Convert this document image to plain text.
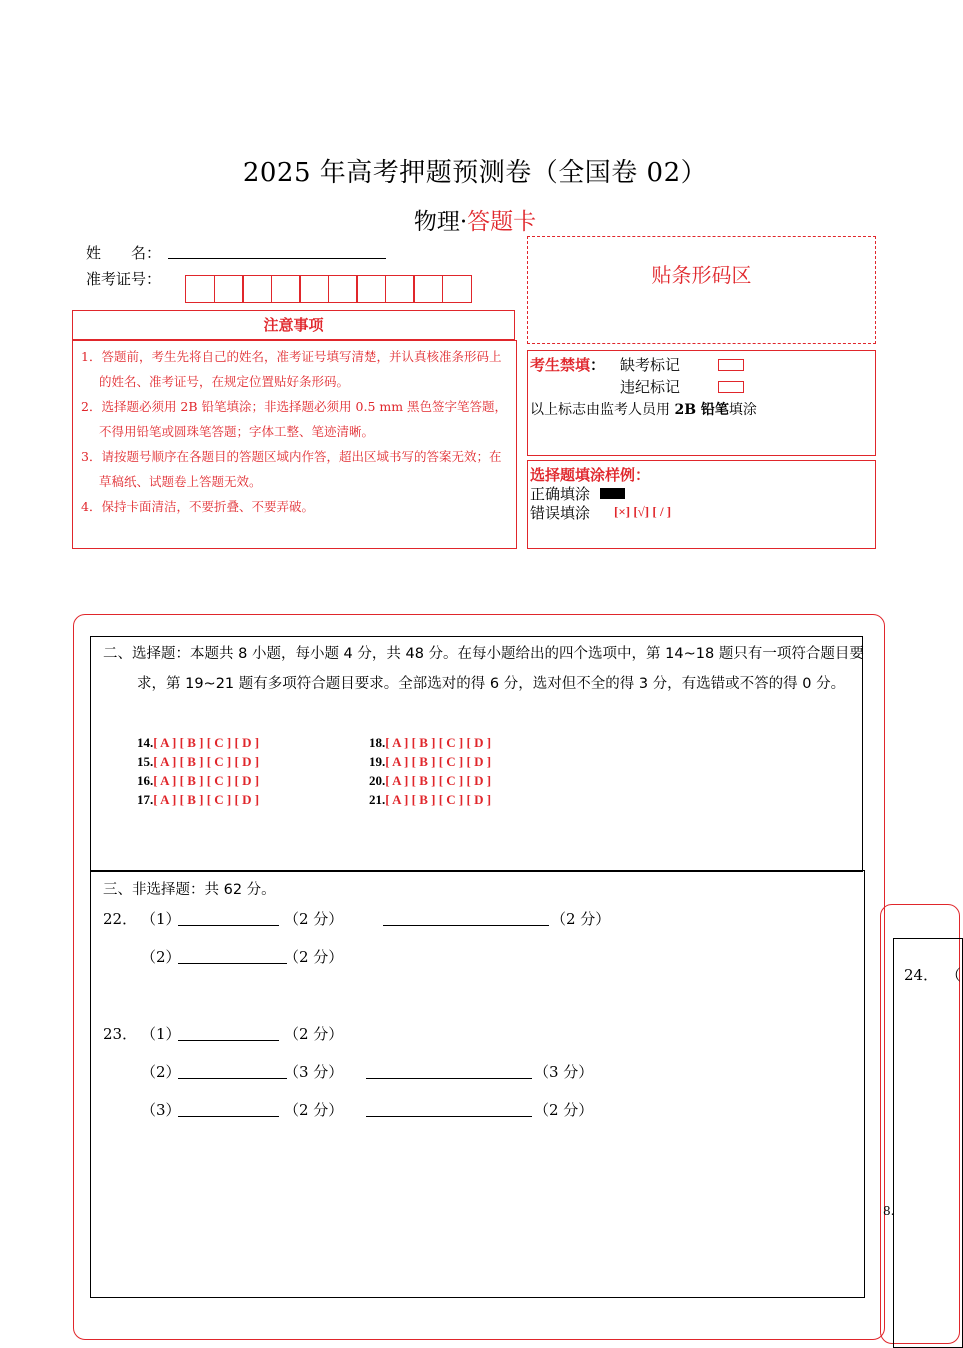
2025 年高考押题预测卷（全国卷 02）
物理·答题卡
姓　　名：
准考证号：
注意事项
1．答题前，考生先将自己的姓名，准考证号填写清楚，并认真核准条形码上的姓名、准考证号，在规定位置贴好条形码。
2．选择题必须用 2B 铅笔填涂；非选择题必须用 0.5 mm 黑色签字笔答题，不得用铅笔或圆珠笔答题；字体工整、笔迹清晰。
3．请按题号顺序在各题目的答题区域内作答，超出区域书写的答案无效；在草稿纸、试题卷上答题无效。
4．保持卡面清洁，不要折叠、不要弄破。
贴条形码区
考生禁填： 缺考标记
违纪标记
以上标志由监考人员用 2B 铅笔填涂
选择题填涂样例：
正确填涂
错误填涂 [×] [√] [ / ]
二、选择题：本题共 8 小题，每小题 4 分，共 48 分。在每小题给出的四个选项中，第 14~18 题只有一项符合题目要求，第 19~21 题有多项符合题目要求。全部选对的得 6 分，选对但不全的得 3 分，有选错或不答的得 0 分。
14.[ A ] [ B ] [ C ] [ D ]
15.[ A ] [ B ] [ C ] [ D ]
16.[ A ] [ B ] [ C ] [ D ]
17.[ A ] [ B ] [ C ] [ D ]
18.[ A ] [ B ] [ C ] [ D ]
19.[ A ] [ B ] [ C ] [ D ]
20.[ A ] [ B ] [ C ] [ D ]
21.[ A ] [ B ] [ C ] [ D ]
三、非选择题：共 62 分。
22． （1）	（2 分）	（2 分）
（2）	（2 分）
23． （1）	（2 分）
（2）	（3 分）	（3 分）
（3）	（2 分）	（2 分）
24． （
8.
